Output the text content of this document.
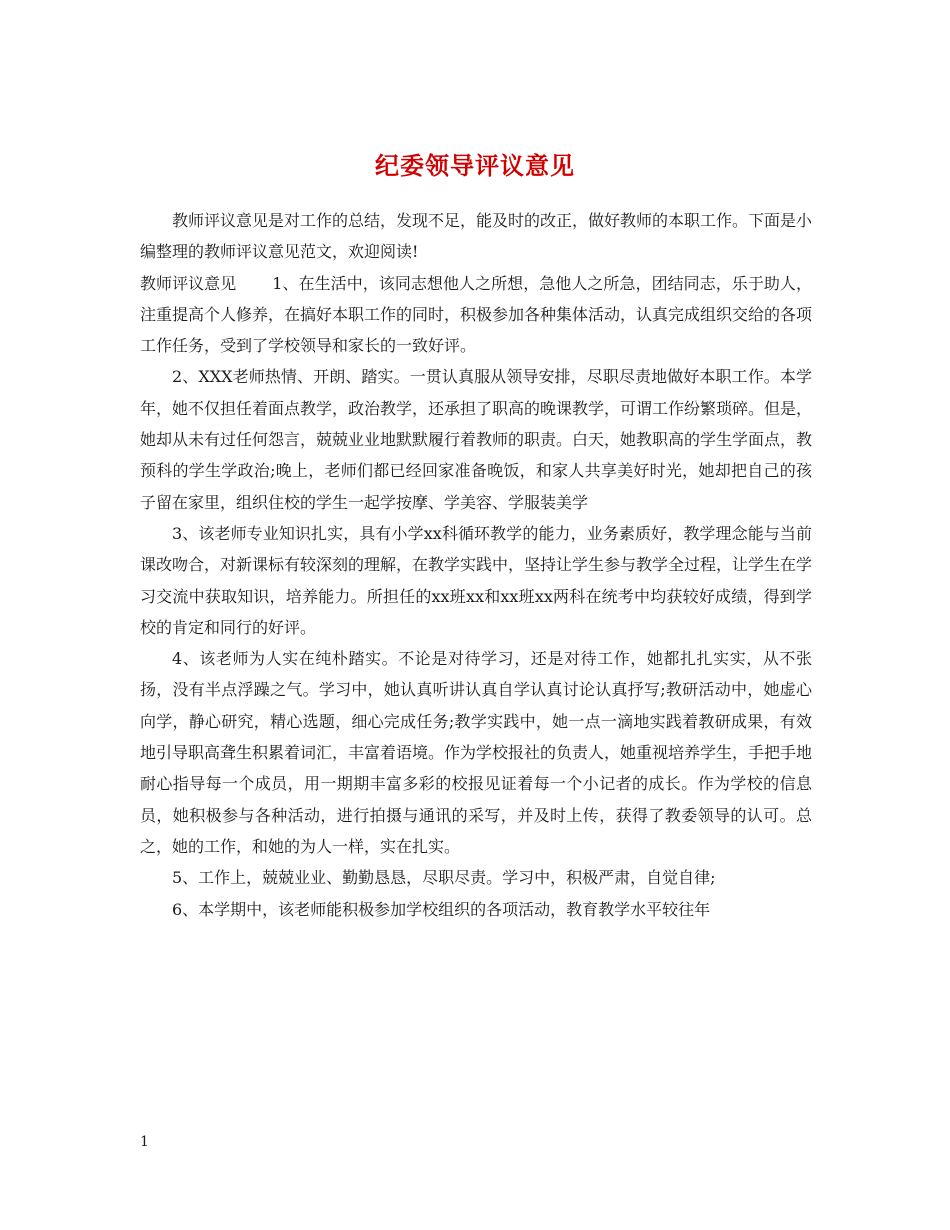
纪委领导评议意见

教师评议意见是对工作的总结，发现不足，能及时的改正，做好教师的本职工作。下面是小编整理的教师评议意见范文，欢迎阅读!

教师评议意见 1、在生活中，该同志想他人之所想，急他人之所急，团结同志，乐于助人，注重提高个人修养，在搞好本职工作的同时，积极参加各种集体活动，认真完成组织交给的各项工作任务，受到了学校领导和家长的一致好评。

2、XXX老师热情、开朗、踏实。一贯认真服从领导安排，尽职尽责地做好本职工作。本学年，她不仅担任着面点教学，政治教学，还承担了职高的晚课教学，可谓工作纷繁琐碎。但是，她却从未有过任何怨言，兢兢业业地默默履行着教师的职责。白天，她教职高的学生学面点，教预科的学生学政治;晚上，老师们都已经回家准备晚饭，和家人共享美好时光，她却把自己的孩子留在家里，组织住校的学生一起学按摩、学美容、学服装美学

3、该老师专业知识扎实，具有小学xx科循环教学的能力，业务素质好，教学理念能与当前课改吻合，对新课标有较深刻的理解，在教学实践中，坚持让学生参与教学全过程，让学生在学习交流中获取知识，培养能力。所担任的xx班xx和xx班xx两科在统考中均获较好成绩，得到学校的肯定和同行的好评。

4、该老师为人实在纯朴踏实。不论是对待学习，还是对待工作，她都扎扎实实，从不张扬，没有半点浮躁之气。学习中，她认真听讲认真自学认真讨论认真抒写;教研活动中，她虚心向学，静心研究，精心选题，细心完成任务;教学实践中，她一点一滴地实践着教研成果，有效地引导职高聋生积累着词汇，丰富着语境。作为学校报社的负责人，她重视培养学生，手把手地耐心指导每一个成员，用一期期丰富多彩的校报见证着每一个小记者的成长。作为学校的信息员，她积极参与各种活动，进行拍摄与通讯的采写，并及时上传，获得了教委领导的认可。总之，她的工作，和她的为人一样，实在扎实。

5、工作上，兢兢业业、勤勤恳恳，尽职尽责。学习中，积极严肃，自觉自律;

6、本学期中，该老师能积极参加学校组织的各项活动，教育教学水平较往年

1
